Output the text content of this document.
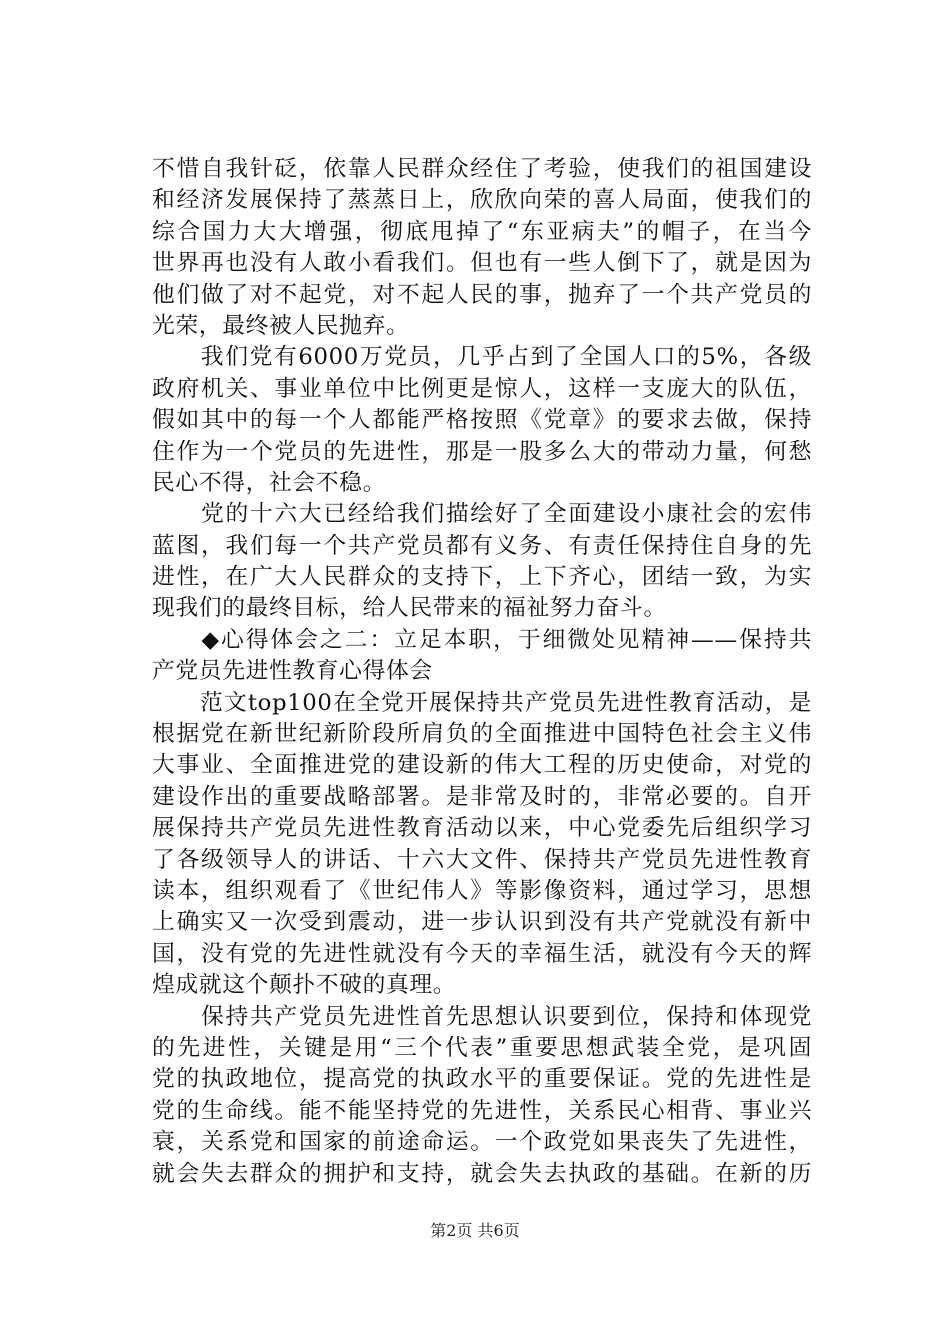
不惜自我针砭，依靠人民群众经住了考验，使我们的祖国建设
和经济发展保持了蒸蒸日上，欣欣向荣的喜人局面，使我们的
综合国力大大增强，彻底甩掉了“东亚病夫”的帽子，在当今
世界再也没有人敢小看我们。但也有一些人倒下了，就是因为
他们做了对不起党，对不起人民的事，抛弃了一个共产党员的
光荣，最终被人民抛弃。
　　我们党有6000万党员，几乎占到了全国人口的5%，各级
政府机关、事业单位中比例更是惊人，这样一支庞大的队伍，
假如其中的每一个人都能严格按照《党章》的要求去做，保持
住作为一个党员的先进性，那是一股多么大的带动力量，何愁
民心不得，社会不稳。
　　党的十六大已经给我们描绘好了全面建设小康社会的宏伟
蓝图，我们每一个共产党员都有义务、有责任保持住自身的先
进性，在广大人民群众的支持下，上下齐心，团结一致，为实
现我们的最终目标，给人民带来的福祉努力奋斗。
　　◆心得体会之二：立足本职，于细微处见精神——保持共
产党员先进性教育心得体会
　　范文top100在全党开展保持共产党员先进性教育活动，是
根据党在新世纪新阶段所肩负的全面推进中国特色社会主义伟
大事业、全面推进党的建设新的伟大工程的历史使命，对党的
建设作出的重要战略部署。是非常及时的，非常必要的。自开
展保持共产党员先进性教育活动以来，中心党委先后组织学习
了各级领导人的讲话、十六大文件、保持共产党员先进性教育
读本，组织观看了《世纪伟人》等影像资料，通过学习，思想
上确实又一次受到震动，进一步认识到没有共产党就没有新中
国，没有党的先进性就没有今天的幸福生活，就没有今天的辉
煌成就这个颠扑不破的真理。
　　保持共产党员先进性首先思想认识要到位，保持和体现党
的先进性，关键是用“三个代表”重要思想武装全党，是巩固
党的执政地位，提高党的执政水平的重要保证。党的先进性是
党的生命线。能不能坚持党的先进性，关系民心相背、事业兴
衰，关系党和国家的前途命运。一个政党如果丧失了先进性，
就会失去群众的拥护和支持，就会失去执政的基础。在新的历
第2页 共6页
